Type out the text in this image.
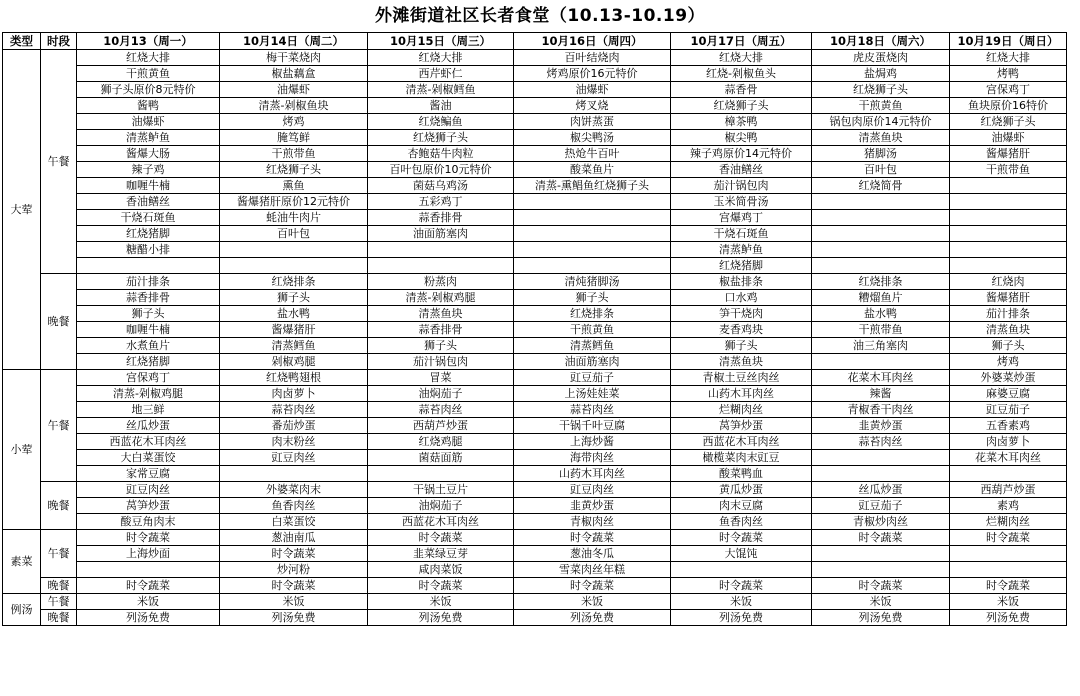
外滩街道社区长者食堂（10.13-10.19）
类型	时段	10月13（周一）	10月14日（周二）	10月15日（周三）	10月16日（周四）	10月17日（周五）	10月18日（周六）	10月19日（周日）
大荤	午餐	红烧大排	梅干菜烧肉	红烧大排	百叶结烧肉	红烧大排	虎皮蛋烧肉	红烧大排
		干煎黄鱼	椒盐藕盒	西芹虾仁	烤鸡原价16元特价	红烧-剁椒鱼头	盐焗鸡	烤鸭
		狮子头原价8元特价	油爆虾	清蒸-剁椒鳕鱼	油爆虾	蒜香骨	红烧狮子头	宫保鸡丁
		酱鸭	清蒸-剁椒鱼块	酱油	烤叉烧	红烧狮子头	干煎黄鱼	鱼块原价16特价
		油爆虾	烤鸡	红烧鳊鱼	肉饼蒸蛋	樟茶鸭	锅包肉原价14元特价	红烧狮子头
		清蒸鲈鱼	腌笃鲜	红烧狮子头	椒尖鸭汤	椒尖鸭	清蒸鱼块	油爆虾
		酱爆大肠	干煎带鱼	杏鲍菇牛肉粒	热炝牛百叶	辣子鸡原价14元特价	猪脚汤	酱爆猪肝
		辣子鸡	红烧狮子头	百叶包原价10元特价	酸菜鱼片	香油鳝丝	百叶包	干煎带鱼
		咖喱牛楠	熏鱼	菌菇乌鸡汤	清蒸-熏鲳鱼红烧狮子头	茄汁锅包肉	红烧简骨	
		香油鳝丝	酱爆猪肝原价12元特价	五彩鸡丁		玉米简骨汤		
		干烧石斑鱼	蚝油牛肉片	蒜香排骨		宫爆鸡丁		
		红烧猪脚	百叶包	油面筋塞肉		干烧石斑鱼		
		糖醋小排				清蒸鲈鱼		
						红烧猪脚		
	晚餐	茄汁排条	红烧排条	粉蒸肉	清炖猪脚汤	椒盐排条	红烧排条	红烧肉
		蒜香排骨	狮子头	清蒸-剁椒鸡腿	狮子头	口水鸡	糟熘鱼片	酱爆猪肝
		狮子头	盐水鸭	清蒸鱼块	红烧排条	笋干烧肉	盐水鸭	茄汁排条
		咖喱牛楠	酱爆猪肝	蒜香排骨	干煎黄鱼	麦香鸡块	干煎带鱼	清蒸鱼块
		水煮鱼片	清蒸鳕鱼	狮子头	清蒸鳕鱼	狮子头	油三角塞肉	狮子头
		红烧猪脚	剁椒鸡腿	茄汁锅包肉	油面筋塞肉	清蒸鱼块		烤鸡
小荤	午餐	宫保鸡丁	红烧鸭翅根	冒菜	豇豆茄子	青椒土豆丝肉丝	花菜木耳肉丝	外婆菜炒蛋
		清蒸-剁椒鸡腿	肉卤萝卜	油焖茄子	上汤娃娃菜	山药木耳肉丝	辣酱	麻婆豆腐
		地三鲜	蒜苔肉丝	蒜苔肉丝	蒜苔肉丝	烂糊肉丝	青椒香干肉丝	豇豆茄子
		丝瓜炒蛋	番茄炒蛋	西葫芦炒蛋	干锅千叶豆腐	莴笋炒蛋	韭黄炒蛋	五香素鸡
		西蓝花木耳肉丝	肉末粉丝	红烧鸡腿	上海炒酱	西蓝花木耳肉丝	蒜苔肉丝	肉卤萝卜
		大白菜蛋饺	豇豆肉丝	菌菇面筋	海带肉丝	橄榄菜肉末豇豆		花菜木耳肉丝
		家常豆腐			山药木耳肉丝	酸菜鸭血		
	晚餐	豇豆肉丝	外婆菜肉末	干锅土豆片	豇豆肉丝	黄瓜炒蛋	丝瓜炒蛋	西葫芦炒蛋
		莴笋炒蛋	鱼香肉丝	油焖茄子	韭黄炒蛋	肉末豆腐	豇豆茄子	素鸡
		酸豆角肉末	白菜蛋饺	西蓝花木耳肉丝	青椒肉丝	鱼香肉丝	青椒炒肉丝	烂糊肉丝
素菜	午餐	时令蔬菜	葱油南瓜	时令蔬菜	时令蔬菜	时令蔬菜	时令蔬菜	时令蔬菜
		上海炒面	时令蔬菜	韭菜绿豆芽	葱油冬瓜	大馄饨		
			炒河粉	咸肉菜饭	雪菜肉丝年糕			
	晚餐	时令蔬菜	时令蔬菜	时令蔬菜	时令蔬菜	时令蔬菜	时令蔬菜	时令蔬菜
例汤	午餐	米饭	米饭	米饭	米饭	米饭	米饭	米饭
	晚餐	列汤免费	列汤免费	列汤免费	列汤免费	列汤免费	列汤免费	列汤免费
